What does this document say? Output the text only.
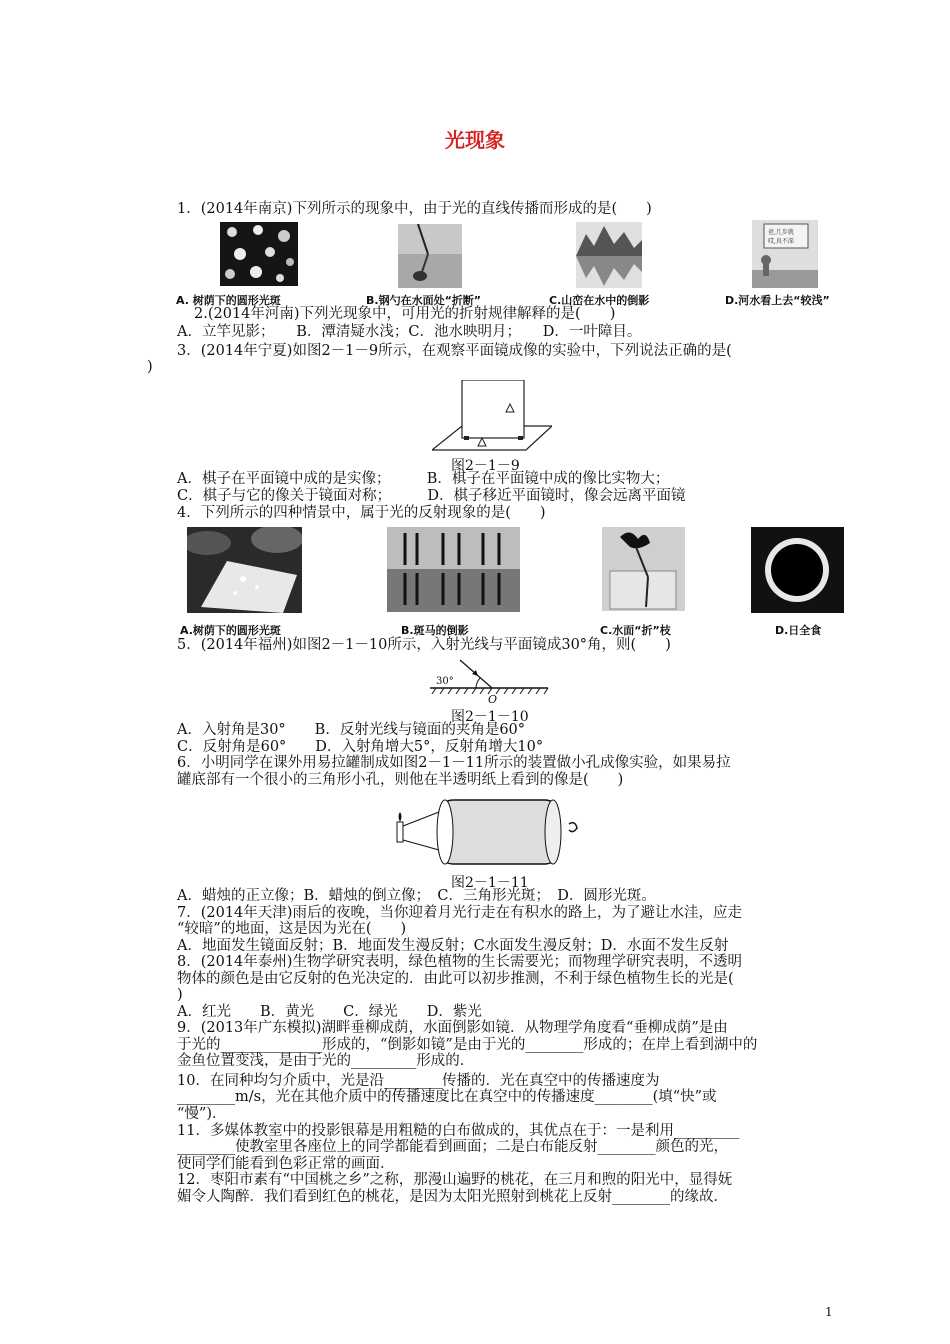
光现象
1．(2014年南京)下列所示的现象中，由于光的直线传播而形成的是(　　)
爸,几步就
哎,真不深
A. 树荫下的圆形光斑	B.钢勺在水面处“折断”	C.山峦在水中的倒影	D.河水看上去“较浅”
2.(2014年河南)下列光现象中，可用光的折射规律解释的是(　　)
A．立竿见影；　　B．潭清疑水浅；C．池水映明月；　　D．一叶障目。
3．(2014年宁夏)如图2－1－9所示，在观察平面镜成像的实验中，下列说法正确的是(
)
图2－1－9
A．棋子在平面镜中成的是实像；　　　B．棋子在平面镜中成的像比实物大；
C．棋子与它的像关于镜面对称；　　　D．棋子移近平面镜时，像会远离平面镜
4．下列所示的四种情景中，属于光的反射现象的是(　　)
A.树荫下的圆形光斑	B.斑马的倒影	C.水面“折”枝	D.日全食
5．(2014年福州)如图2－1－10所示，入射光线与平面镜成30°角，则(　　)
30°
O
图2－1－10
A．入射角是30°　　B．反射光线与镜面的夹角是60°
C．反射角是60°　　D．入射角增大5°，反射角增大10°
6．小明同学在课外用易拉罐制成如图2－1－11所示的装置做小孔成像实验，如果易拉
罐底部有一个很小的三角形小孔，则他在半透明纸上看到的像是(　　)
图2－1－11
A．蜡烛的正立像；B．蜡烛的倒立像；　C．三角形光斑；　D．圆形光斑。
7．(2014年天津)雨后的夜晚，当你迎着月光行走在有积水的路上，为了避让水洼，应走
“较暗”的地面，这是因为光在(　　)
A．地面发生镜面反射；B．地面发生漫反射；C水面发生漫反射；D．水面不发生反射
8．(2014年泰州)生物学研究表明，绿色植物的生长需要光；而物理学研究表明，不透明
物体的颜色是由它反射的色光决定的．由此可以初步推测，不利于绿色植物生长的光是(
)
A．红光　　B．黄光　　C．绿光　　D．紫光
9．(2013年广东模拟)湖畔垂柳成荫，水面倒影如镜．从物理学角度看“垂柳成荫”是由
于光的______________形成的，“倒影如镜”是由于光的________形成的；在岸上看到湖中的
金鱼位置变浅，是由于光的_________形成的．
10．在同种均匀介质中，光是沿________传播的．光在真空中的传播速度为
________m/s，光在其他介质中的传播速度比在真空中的传播速度________(填“快”或
“慢”)．
11．多媒体教室中的投影银幕是用粗糙的白布做成的，其优点在于：一是利用_________
________使教室里各座位上的同学都能看到画面；二是白布能反射________颜色的光，
使同学们能看到色彩正常的画面．
12．枣阳市素有“中国桃之乡”之称，那漫山遍野的桃花，在三月和煦的阳光中，显得妩
媚令人陶醉．我们看到红色的桃花，是因为太阳光照射到桃花上反射________的缘故．
1
